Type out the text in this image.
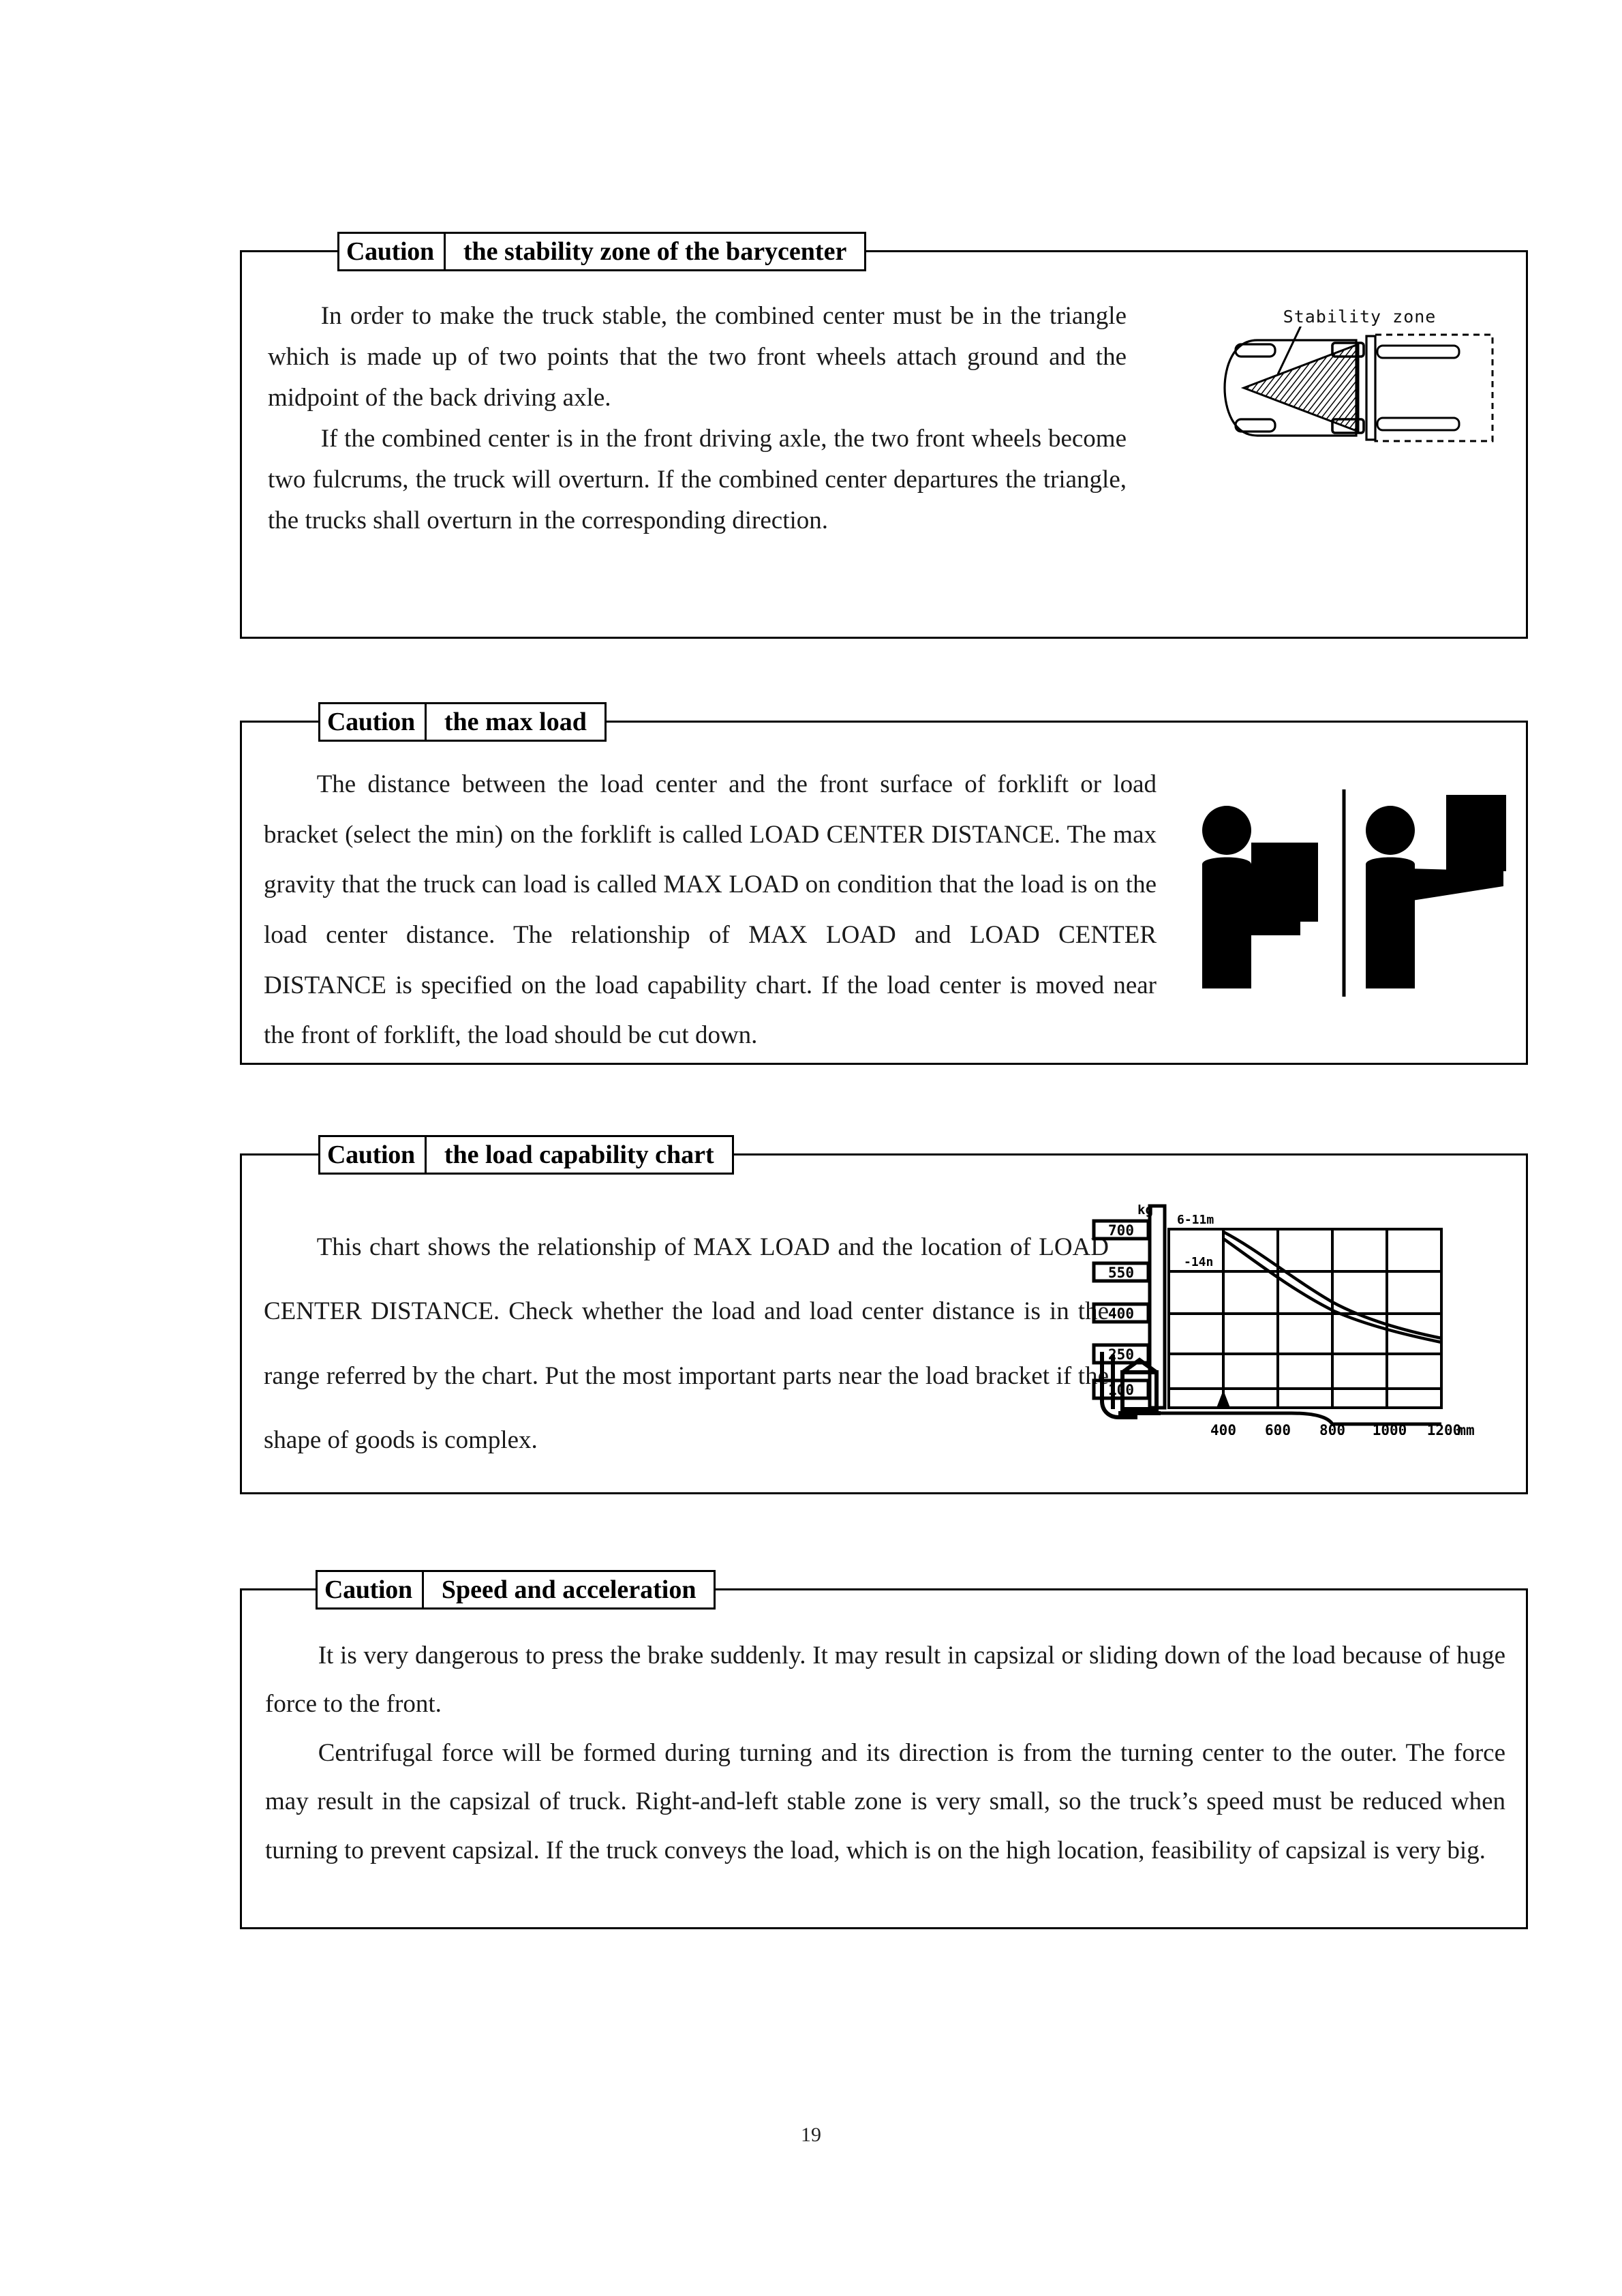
Caution	the stability zone of the barycenter

In order to make the truck stable, the combined center must be in the triangle which is made up of two points that the two front wheels attach ground and the midpoint of the back driving axle.

If the combined center is in the front driving axle, the two front wheels become two fulcrums, the truck will overturn. If the combined center departures the triangle, the trucks shall overturn in the corresponding direction.

Stability zone
Caution	the max load

The distance between the load center and the front surface of forklift or load bracket (select the min) on the forklift is called LOAD CENTER DISTANCE. The max gravity that the truck can load is called MAX LOAD on condition that the load is on the load center distance. The relationship of MAX LOAD and LOAD CENTER DISTANCE is specified on the load capability chart. If the load center is moved near the front of forklift, the load should be cut down.

Caution	the load capability chart

This chart shows the relationship of MAX LOAD and the location of LOAD CENTER DISTANCE. Check whether the load and load center distance is in the range referred by the chart. Put the most important parts near the load bracket if the shape of goods is complex.

700
550
400
250
100
kg
6-11m
-14n
400 600 800 1000 1200
mm
Caution	Speed and acceleration

It is very dangerous to press the brake suddenly. It may result in capsizal or sliding down of the load because of huge force to the front.

Centrifugal force will be formed during turning and its direction is from the turning center to the outer. The force may result in the capsizal of truck. Right-and-left stable zone is very small, so the truck’s speed must be reduced when turning to prevent capsizal. If the truck conveys the load, which is on the high location, feasibility of capsizal is very big.

19
